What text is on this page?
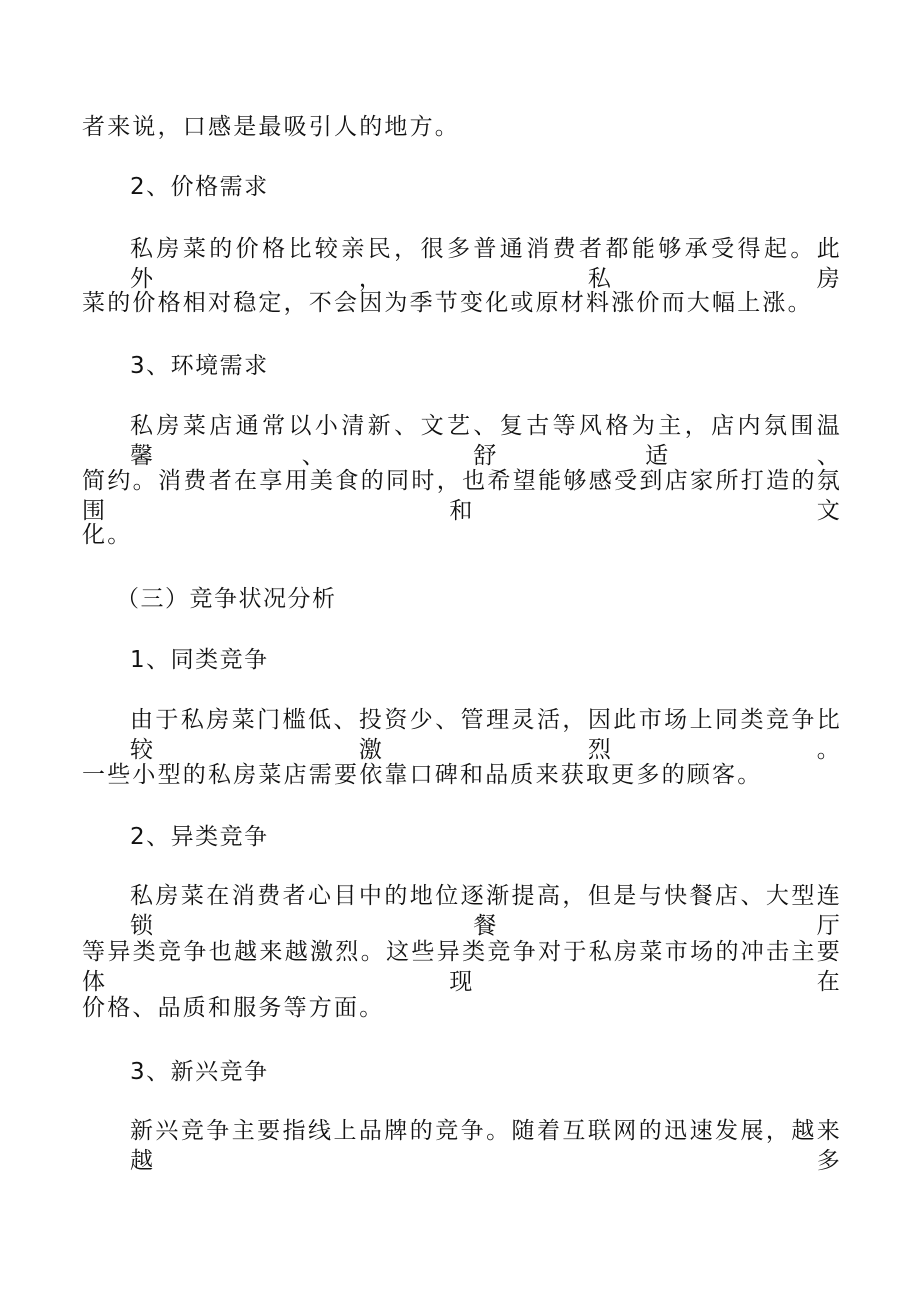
者来说，口感是最吸引人的地方。
2、价格需求
私房菜的价格比较亲民，很多普通消费者都能够承受得起。此外，私房
菜的价格相对稳定，不会因为季节变化或原材料涨价而大幅上涨。
3、环境需求
私房菜店通常以小清新、文艺、复古等风格为主，店内氛围温馨、舒适、
简约。消费者在享用美食的同时，也希望能够感受到店家所打造的氛围和文
化。
（三）竞争状况分析
1、同类竞争
由于私房菜门槛低、投资少、管理灵活，因此市场上同类竞争比较激烈。
一些小型的私房菜店需要依靠口碑和品质来获取更多的顾客。
2、异类竞争
私房菜在消费者心目中的地位逐渐提高，但是与快餐店、大型连锁餐厅
等异类竞争也越来越激烈。这些异类竞争对于私房菜市场的冲击主要体现在
价格、品质和服务等方面。
3、新兴竞争
新兴竞争主要指线上品牌的竞争。随着互联网的迅速发展，越来越多
